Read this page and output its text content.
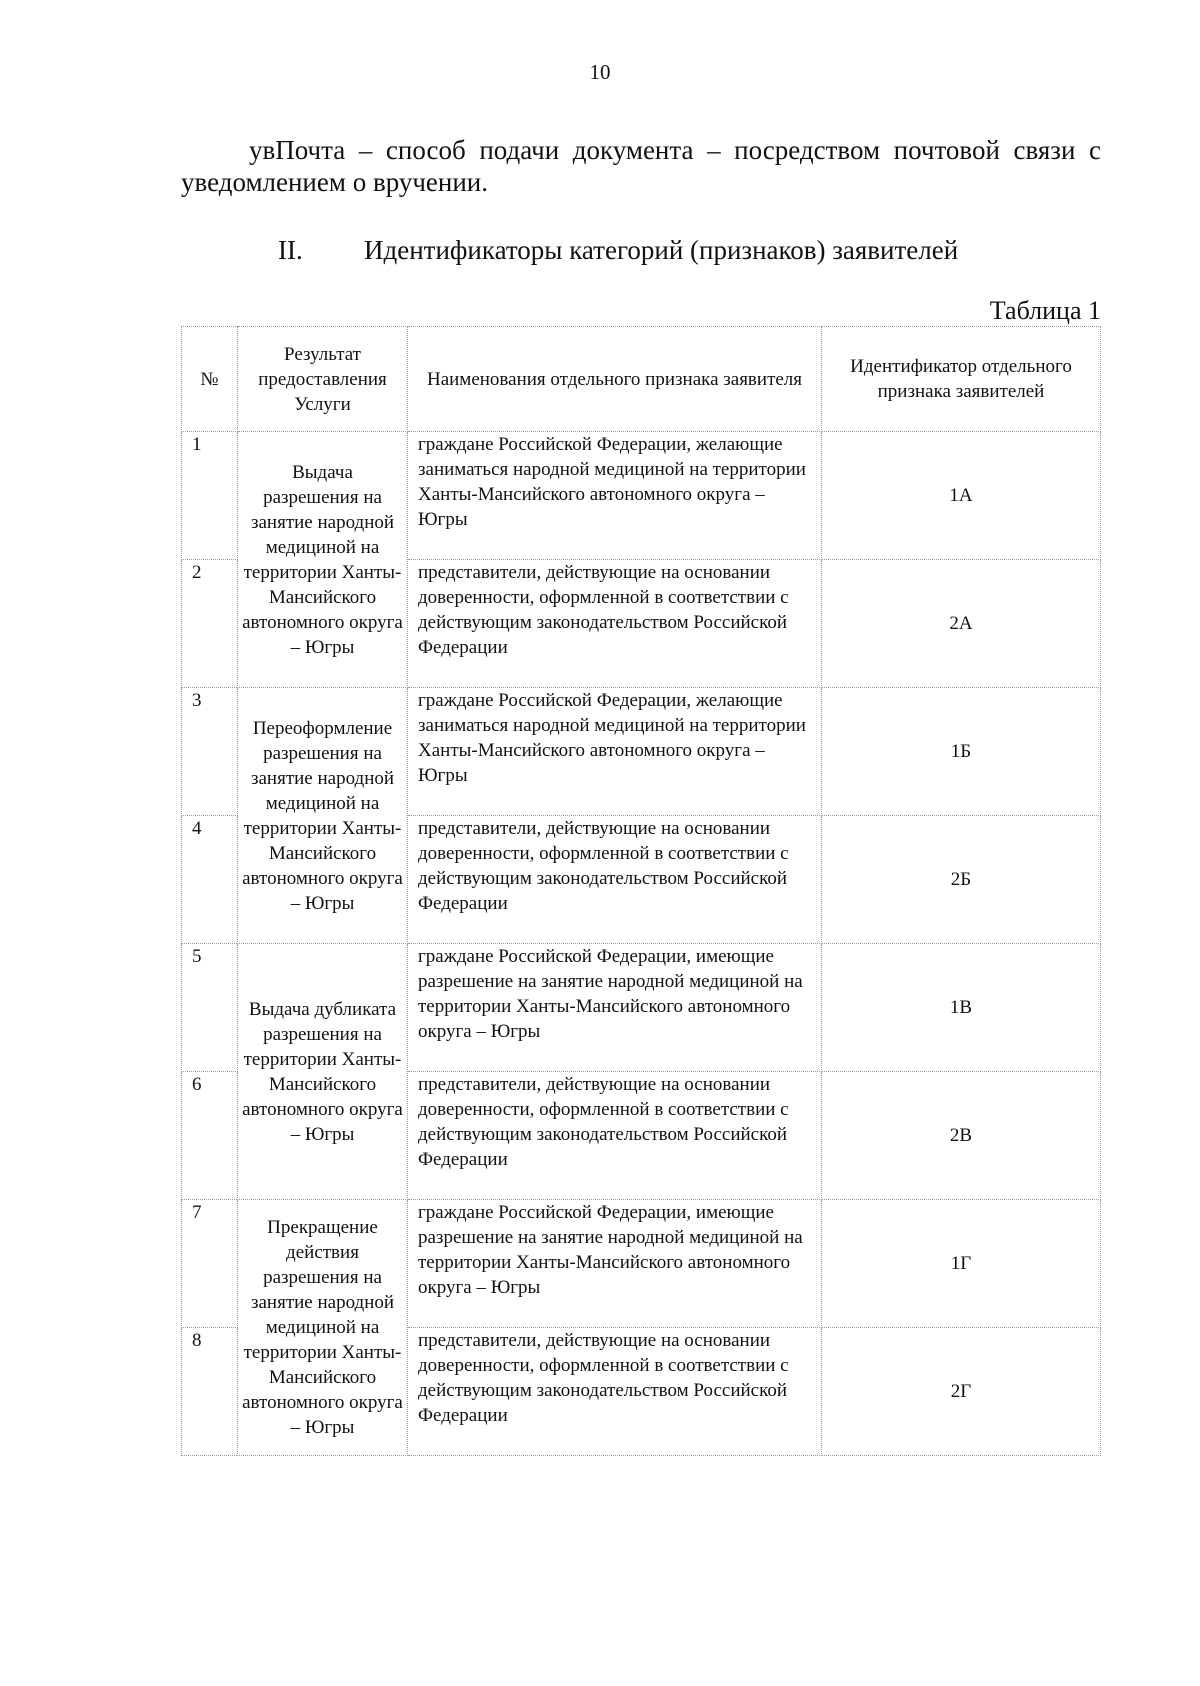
10

увПочта – способ подачи документа – посредством почтовой связи с уведомлением о вручении.

II. Идентификаторы категорий (признаков) заявителей
Таблица 1
№	Результат предоставления Услуги	Наименования отдельного признака заявителя	Идентификатор отдельного признака заявителей
1	Выдача разрешения на занятие народной медициной на территории Ханты-Мансийского автономного округа – Югры	граждане Российской Федерации, желающие заниматься народной медициной на территории Ханты-Мансийского автономного округа – Югры	1А
2		представители, действующие на основании доверенности, оформленной в соответствии с действующим законодательством Российской Федерации	2А
3	Переоформление разрешения на занятие народной медициной на территории Ханты-Мансийского автономного округа – Югры	граждане Российской Федерации, желающие заниматься народной медициной на территории Ханты-Мансийского автономного округа – Югры	1Б
4		представители, действующие на основании доверенности, оформленной в соответствии с действующим законодательством Российской Федерации	2Б
5	Выдача дубликата разрешения на территории Ханты-Мансийского автономного округа – Югры	граждане Российской Федерации, имеющие разрешение на занятие народной медициной на территории Ханты-Мансийского автономного округа – Югры	1В
6		представители, действующие на основании доверенности, оформленной в соответствии с действующим законодательством Российской Федерации	2В
7	Прекращение действия разрешения на занятие народной медициной на территории Ханты-Мансийского автономного округа – Югры	граждане Российской Федерации, имеющие разрешение на занятие народной медициной на территории Ханты-Мансийского автономного округа – Югры	1Г
8		представители, действующие на основании доверенности, оформленной в соответствии с действующим законодательством Российской Федерации	2Г
